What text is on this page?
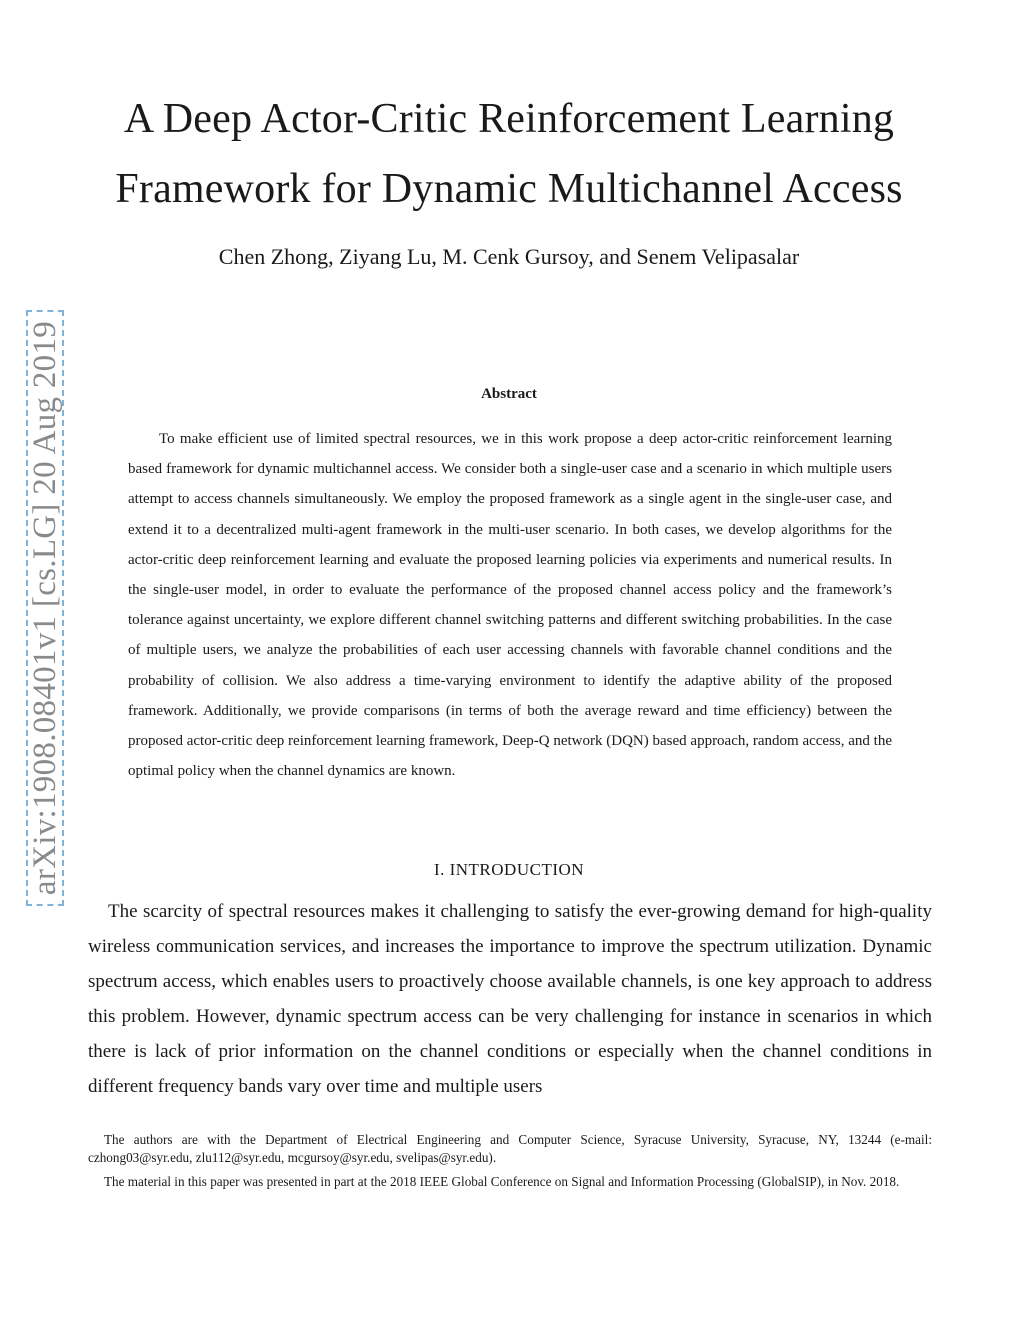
A Deep Actor-Critic Reinforcement Learning
Framework for Dynamic Multichannel Access
Chen Zhong, Ziyang Lu, M. Cenk Gursoy, and Senem Velipasalar
arXiv:1908.08401v1 [cs.LG] 20 Aug 2019	Abstract

To make efficient use of limited spectral resources, we in this work propose a deep actor-critic reinforcement learning based framework for dynamic multichannel access. We consider both a single-user case and a scenario in which multiple users attempt to access channels simultaneously. We employ the proposed framework as a single agent in the single-user case, and extend it to a decentralized multi-agent framework in the multi-user scenario. In both cases, we develop algorithms for the actor-critic deep reinforcement learning and evaluate the proposed learning policies via experiments and numerical results. In the single-user model, in order to evaluate the performance of the proposed channel access policy and the framework’s tolerance against uncertainty, we explore different channel switching patterns and different switching probabilities. In the case of multiple users, we analyze the probabilities of each user accessing channels with favorable channel conditions and the probability of collision. We also address a time-varying environment to identify the adaptive ability of the proposed framework. Additionally, we provide comparisons (in terms of both the average reward and time efficiency) between the proposed actor-critic deep reinforcement learning framework, Deep-Q network (DQN) based approach, random access, and the optimal policy when the channel dynamics are known.

I. INTRODUCTION

The scarcity of spectral resources makes it challenging to satisfy the ever-growing demand for high-quality wireless communication services, and increases the importance to improve the spectrum utilization. Dynamic spectrum access, which enables users to proactively choose available channels, is one key approach to address this problem. However, dynamic spectrum access can be very challenging for instance in scenarios in which there is lack of prior information on the channel conditions or especially when the channel conditions in different frequency bands vary over time and multiple users

The authors are with the Department of Electrical Engineering and Computer Science, Syracuse University, Syracuse, NY, 13244 (e-mail: czhong03@syr.edu, zlu112@syr.edu, mcgursoy@syr.edu, svelipas@syr.edu).

The material in this paper was presented in part at the 2018 IEEE Global Conference on Signal and Information Processing (GlobalSIP), in Nov. 2018.
